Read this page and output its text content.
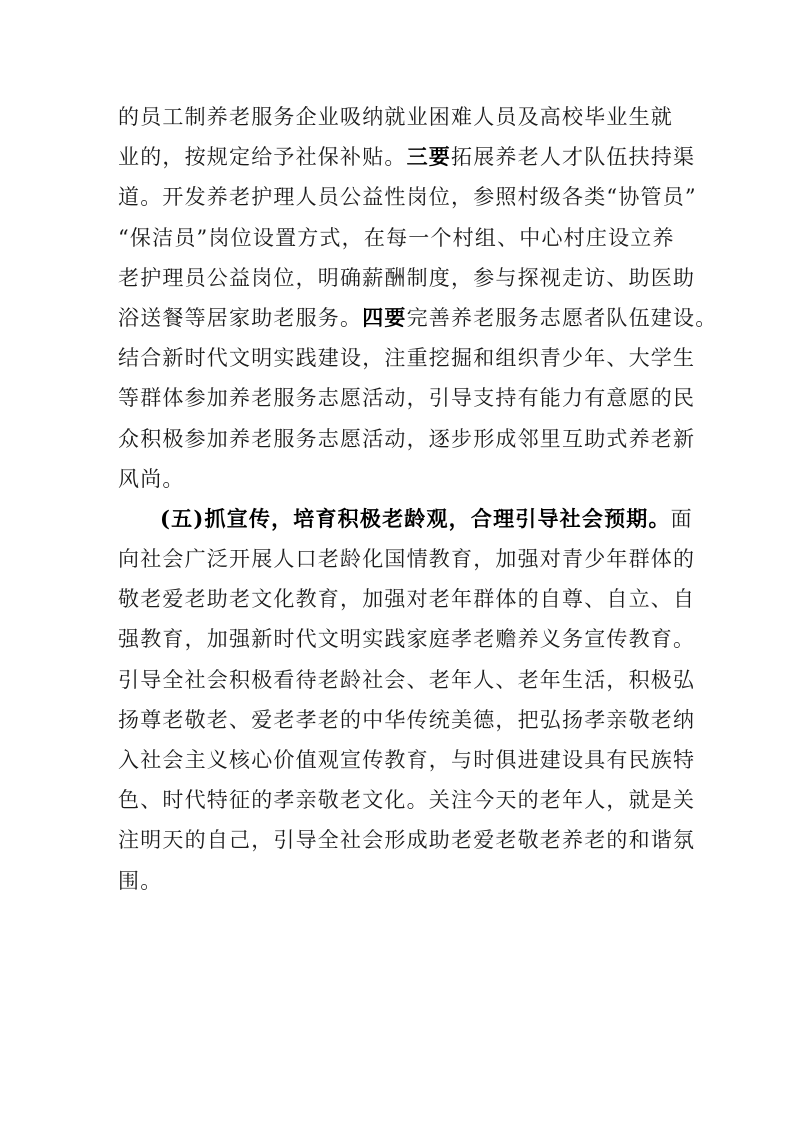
的员工制养老服务企业吸纳就业困难人员及高校毕业生就
业的，按规定给予社保补贴。三要拓展养老人才队伍扶持渠
道。开发养老护理人员公益性岗位，参照村级各类“协管员”
“保洁员”岗位设置方式，在每一个村组、中心村庄设立养
老护理员公益岗位，明确薪酬制度，参与探视走访、助医助
浴送餐等居家助老服务。四要完善养老服务志愿者队伍建设。
结合新时代文明实践建设，注重挖掘和组织青少年、大学生
等群体参加养老服务志愿活动，引导支持有能力有意愿的民
众积极参加养老服务志愿活动，逐步形成邻里互助式养老新
风尚。
(五)抓宣传，培育积极老龄观，合理引导社会预期。面
向社会广泛开展人口老龄化国情教育，加强对青少年群体的
敬老爱老助老文化教育，加强对老年群体的自尊、自立、自
强教育，加强新时代文明实践家庭孝老赡养义务宣传教育。
引导全社会积极看待老龄社会、老年人、老年生活，积极弘
扬尊老敬老、爱老孝老的中华传统美德，把弘扬孝亲敬老纳
入社会主义核心价值观宣传教育，与时俱进建设具有民族特
色、时代特征的孝亲敬老文化。关注今天的老年人，就是关
注明天的自己，引导全社会形成助老爱老敬老养老的和谐氛
围。
